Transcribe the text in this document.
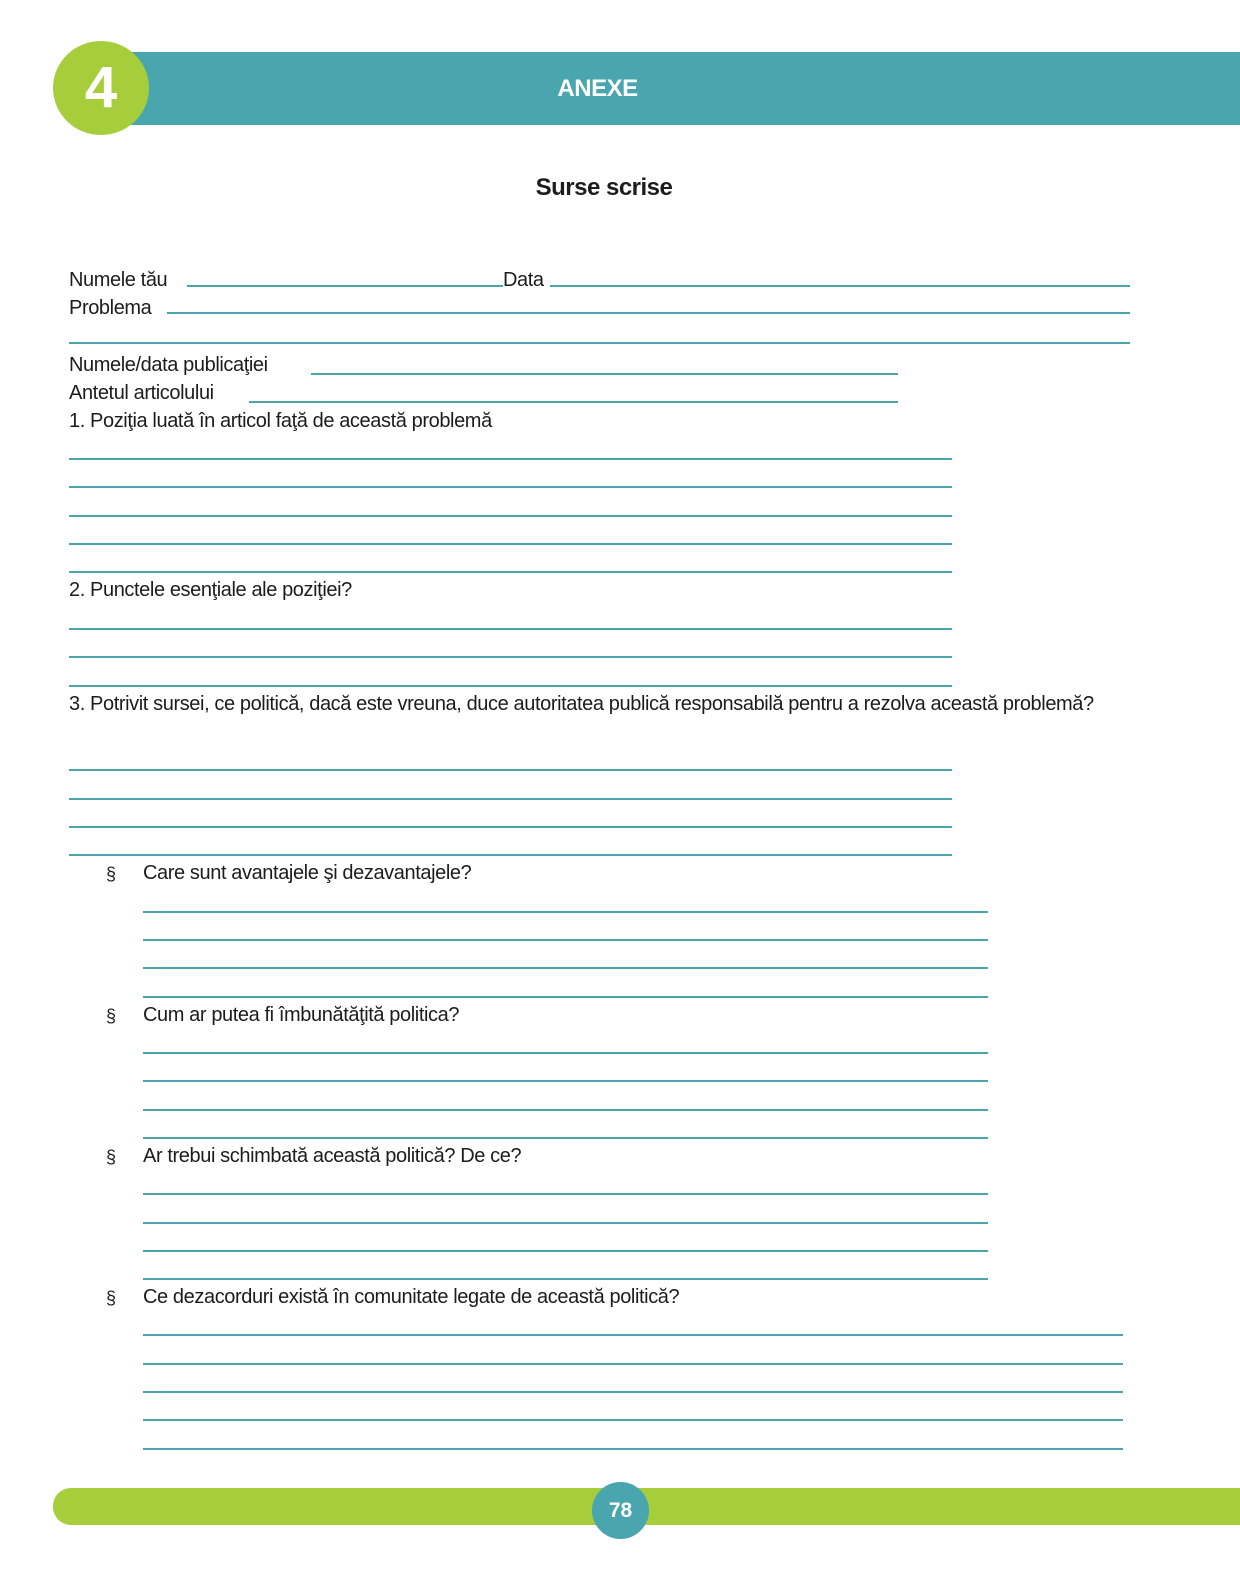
ANEXE
4
Surse scrise
Numele tău	Data
Problema
Numele/data publicaţiei
Antetul articolului
1. Poziţia luată în articol faţă de această problemă
2. Punctele esenţiale ale poziţiei?
3. Potrivit sursei, ce politică, dacă este vreuna, duce autoritatea publică responsabilă pentru a rezolva această problemă?
§ Care sunt avantajele şi dezavantajele?
§ Cum ar putea fi îmbunătăţită politica?
§ Ar trebui schimbată această politică? De ce?
§ Ce dezacorduri există în comunitate legate de această politică?
78
